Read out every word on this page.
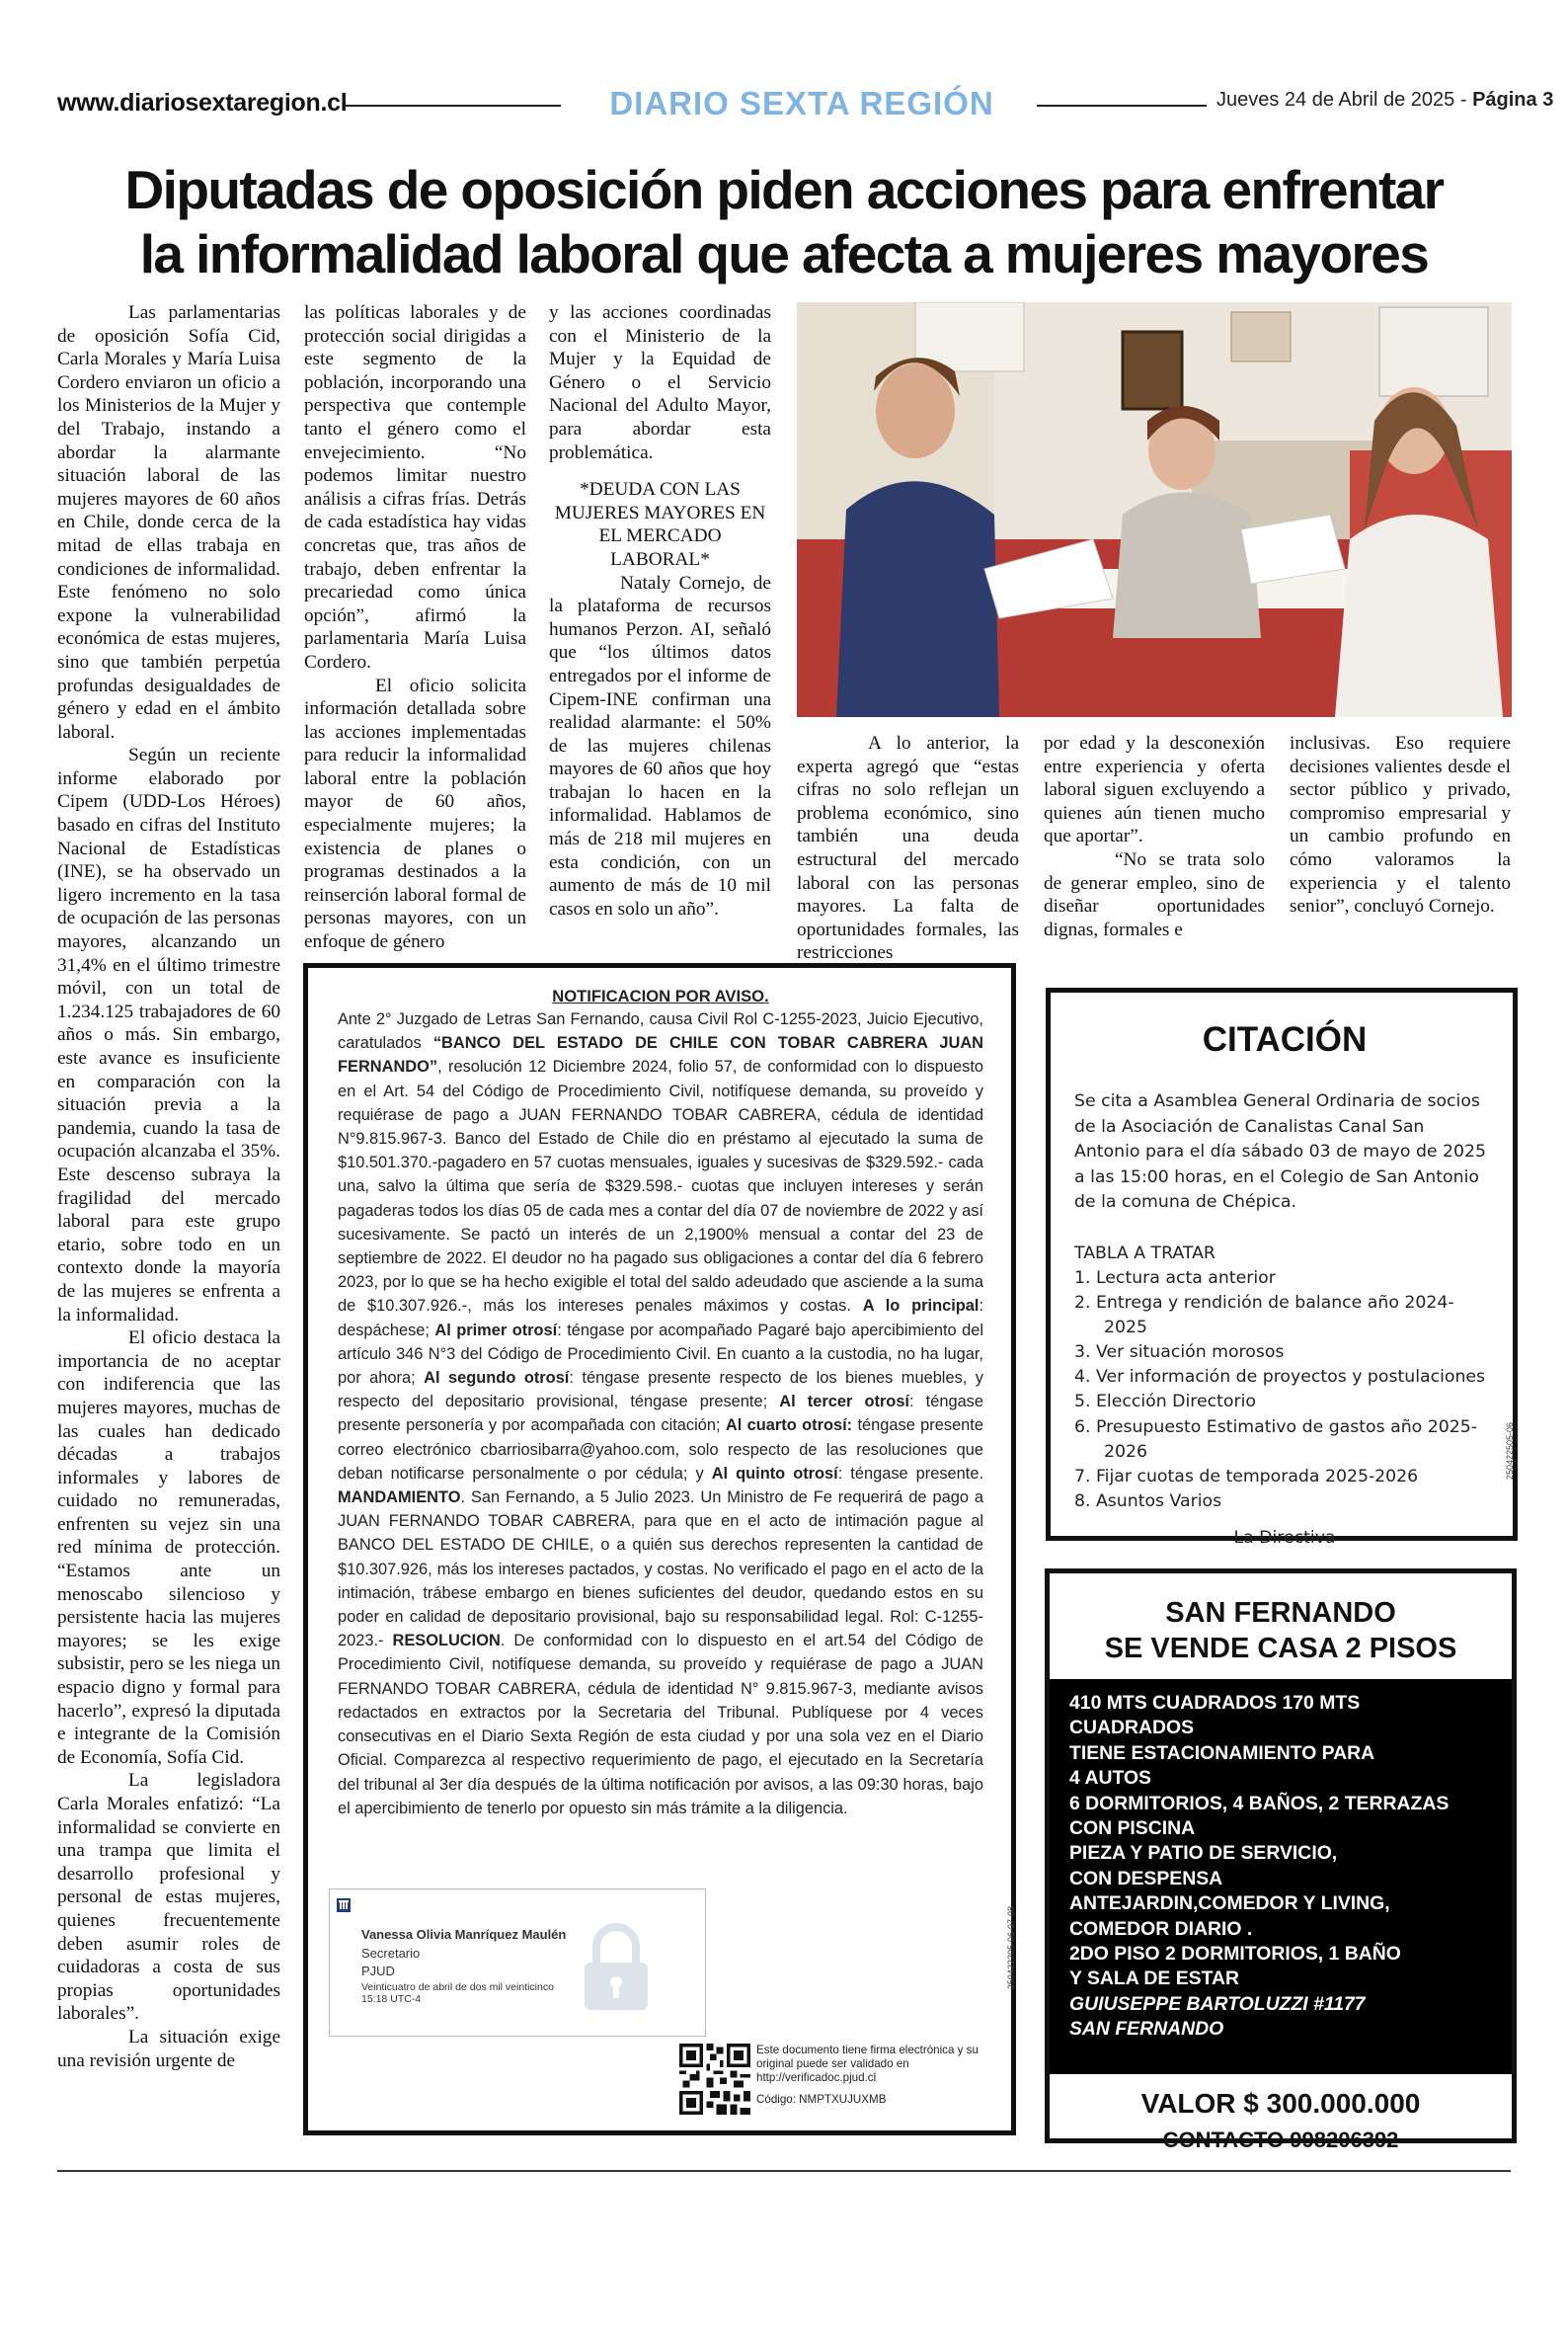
www.diariosextaregion.cl	DIARIO SEXTA REGIÓN	Jueves 24 de Abril de 2025 - Página 3
Diputadas de oposición piden acciones para enfrentar
la informalidad laboral que afecta a mujeres mayores

Las parlamentarias de oposición Sofía Cid, Carla Morales y María Luisa Cordero enviaron un oficio a los Ministerios de la Mujer y del Trabajo, instando a abordar la alarmante situación laboral de las mujeres mayores de 60 años en Chile, donde cerca de la mitad de ellas trabaja en condiciones de informalidad. Este fenómeno no solo expone la vulnerabilidad económica de estas mujeres, sino que también perpetúa profundas desigualdades de género y edad en el ámbito laboral.

Según un reciente informe elaborado por Cipem (UDD-Los Héroes) basado en cifras del Instituto Nacional de Estadísticas (INE), se ha observado un ligero incremento en la tasa de ocupación de las personas mayores, alcanzando un 31,4% en el último trimestre móvil, con un total de 1.234.125 trabajadores de 60 años o más. Sin embargo, este avance es insuficiente en comparación con la situación previa a la pandemia, cuando la tasa de ocupación alcanzaba el 35%. Este descenso subraya la fragilidad del mercado laboral para este grupo etario, sobre todo en un contexto donde la mayoría de las mujeres se enfrenta a la informalidad.

El oficio destaca la importancia de no aceptar con indiferencia que las mujeres mayores, muchas de las cuales han dedicado décadas a trabajos informales y labores de cuidado no remuneradas, enfrenten su vejez sin una red mínima de protección. “Estamos ante un menoscabo silencioso y persistente hacia las mujeres mayores; se les exige subsistir, pero se les niega un espacio digno y formal para hacerlo”, expresó la diputada e integrante de la Comisión de Economía, Sofía Cid.

La legisladora Carla Morales enfatizó: “La informalidad se convierte en una trampa que limita el desarrollo profesional y personal de estas mujeres, quienes frecuentemente deben asumir roles de cuidadoras a costa de sus propias oportunidades laborales”.

La situación exige una revisión urgente de

las políticas laborales y de protección social dirigidas a este segmento de la población, incorporando una perspectiva que contemple tanto el género como el envejecimiento. “No podemos limitar nuestro análisis a cifras frías. Detrás de cada estadística hay vidas concretas que, tras años de trabajo, deben enfrentar la precariedad como única opción”, afirmó la parlamentaria María Luisa Cordero.

El oficio solicita información detallada sobre las acciones implementadas para reducir la informalidad laboral entre la población mayor de 60 años, especialmente mujeres; la existencia de planes o programas destinados a la reinserción laboral formal de personas mayores, con un enfoque de género

y las acciones coordinadas con el Ministerio de la Mujer y la Equidad de Género o el Servicio Nacional del Adulto Mayor, para abordar esta problemática.

*DEUDA CON LAS MUJERES MAYORES EN EL MERCADO LABORAL*

Nataly Cornejo, de la plataforma de recursos humanos Perzon. AI, señaló que “los últimos datos entregados por el informe de Cipem-INE confirman una realidad alarmante: el 50% de las mujeres chilenas mayores de 60 años que hoy trabajan lo hacen en la informalidad. Hablamos de más de 218 mil mujeres en esta condición, con un aumento de más de 10 mil casos en solo un año”.

A lo anterior, la experta agregó que “estas cifras no solo reflejan un problema económico, sino también una deuda estructural del mercado laboral con las personas mayores. La falta de oportunidades formales, las restricciones

por edad y la desconexión entre experiencia y oferta laboral siguen excluyendo a quienes aún tienen mucho que aportar”.

“No se trata solo de generar empleo, sino de diseñar oportunidades dignas, formales e

inclusivas. Eso requiere decisiones valientes desde el sector público y privado, compromiso empresarial y un cambio profundo en cómo valoramos la experiencia y el talento senior”, concluyó Cornejo.

NOTIFICACION POR AVISO.

Ante 2° Juzgado de Letras San Fernando, causa Civil Rol C-1255-2023, Juicio Ejecutivo, caratulados “BANCO DEL ESTADO DE CHILE CON TOBAR CABRERA JUAN FERNANDO”, resolución 12 Diciembre 2024, folio 57, de conformidad con lo dispuesto en el Art. 54 del Código de Procedimiento Civil, notifíquese demanda, su proveído y requiérase de pago a JUAN FERNANDO TOBAR CABRERA, cédula de identidad N°9.815.967-3. Banco del Estado de Chile dio en préstamo al ejecutado la suma de $10.501.370.-pagadero en 57 cuotas mensuales, iguales y sucesivas de $329.592.- cada una, salvo la última que sería de $329.598.- cuotas que incluyen intereses y serán pagaderas todos los días 05 de cada mes a contar del día 07 de noviembre de 2022 y así sucesivamente. Se pactó un interés de un 2,1900% mensual a contar del 23 de septiembre de 2022. El deudor no ha pagado sus obligaciones a contar del día 6 febrero 2023, por lo que se ha hecho exigible el total del saldo adeudado que asciende a la suma de $10.307.926.-, más los intereses penales máximos y costas. A lo principal: despáchese; Al primer otrosí: téngase por acompañado Pagaré bajo apercibimiento del artículo 346 N°3 del Código de Procedimiento Civil. En cuanto a la custodia, no ha lugar, por ahora; Al segundo otrosí: téngase presente respecto de los bienes muebles, y respecto del depositario provisional, téngase presente; Al tercer otrosí: téngase presente personería y por acompañada con citación; Al cuarto otrosí: téngase presente correo electrónico cbarriosibarra@yahoo.com, solo respecto de las resoluciones que deban notificarse personalmente o por cédula; y Al quinto otrosí: téngase presente. MANDAMIENTO. San Fernando, a 5 Julio 2023. Un Ministro de Fe requerirá de pago a JUAN FERNANDO TOBAR CABRERA, para que en el acto de intimación pague al BANCO DEL ESTADO DE CHILE, o a quién sus derechos representen la cantidad de $10.307.926, más los intereses pactados, y costas. No verificado el pago en el acto de la intimación, trábese embargo en bienes suficientes del deudor, quedando estos en su poder en calidad de depositario provisional, bajo su responsabilidad legal. Rol: C-1255-2023.- RESOLUCION. De conformidad con lo dispuesto en el art.54 del Código de Procedimiento Civil, notifíquese demanda, su proveído y requiérase de pago a JUAN FERNANDO TOBAR CABRERA, cédula de identidad N° 9.815.967-3, mediante avisos redactados en extractos por la Secretaria del Tribunal. Publíquese por 4 veces consecutivas en el Diario Sexta Región de esta ciudad y por una sola vez en el Diario Oficial. Comparezca al respectivo requerimiento de pago, el ejecutado en la Secretaría del tribunal al 3er día después de la última notificación por avisos, a las 09:30 horas, bajo el apercibimiento de tenerlo por opuesto sin más trámite a la diligencia.

Vanessa Olivia Manríquez Maulén
Secretario
PJUD
Veinticuatro de abril de dos mil veinticinco
15:18 UTC-4
Este documento tiene firma electrónica y su original puede ser validado en http://verificadoc.pjud.cl
Código: NMPTXUJUXMB
250422205-06-07-08
CITACIÓN

Se cita a Asamblea General Ordinaria de socios de la Asociación de Canalistas Canal San Antonio para el día sábado 03 de mayo de 2025 a las 15:00 horas, en el Colegio de San Antonio de la comuna de Chépica.

TABLA A TRATAR

1. Lectura acta anterior
2. Entrega y rendición de balance año 2024-2025
3. Ver situación morosos
4. Ver información de proyectos y postulaciones
5. Elección Directorio
6. Presupuesto Estimativo de gastos año 2025-2026
7. Fijar cuotas de temporada 2025-2026
8. Asuntos Varios
La Directiva
250422505-06
SAN FERNANDO
SE VENDE CASA 2 PISOS
410 MTS CUADRADOS 170 MTS
CUADRADOS
TIENE ESTACIONAMIENTO PARA
4 AUTOS
6 DORMITORIOS, 4 BAÑOS, 2 TERRAZAS
CON PISCINA
PIEZA Y PATIO DE SERVICIO,
CON DESPENSA
ANTEJARDIN,COMEDOR Y LIVING,
COMEDOR DIARIO .
2DO PISO 2 DORMITORIOS, 1 BAÑO
Y SALA DE ESTAR
GUIUSEPPE BARTOLUZZI #1177
SAN FERNANDO
VALOR $ 300.000.000
CONTACTO 998206392
